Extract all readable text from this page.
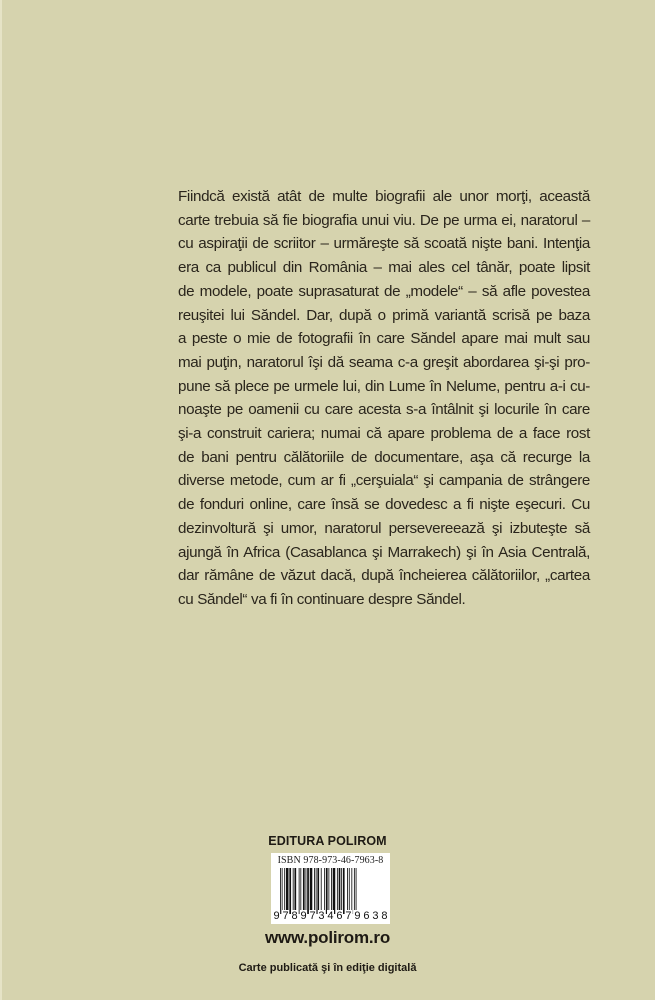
Fiindcă există atât de multe biografii ale unor morţi, această
carte trebuia să fie biografia unui viu. De pe urma ei, naratorul –
cu aspiraţii de scriitor – urmăreşte să scoată nişte bani. Intenţia
era ca publicul din România – mai ales cel tânăr, poate lipsit
de modele, poate suprasaturat de „modele“ – să afle povestea
reuşitei lui Săndel. Dar, după o primă variantă scrisă pe baza
a peste o mie de fotografii în care Săndel apare mai mult sau
mai puţin, naratorul îşi dă seama c-a greşit abordarea şi-şi pro-
pune să plece pe urmele lui, din Lume în Nelume, pentru a-i cu-
noaşte pe oamenii cu care acesta s-a întâlnit şi locurile în care
şi-a construit cariera; numai că apare problema de a face rost
de bani pentru călătoriile de documentare, aşa că recurge la
diverse metode, cum ar fi „cerşuiala“ şi campania de strângere
de fonduri online, care însă se dovedesc a fi nişte eşecuri. Cu
dezinvoltură şi umor, naratorul persevereează şi izbuteşte să
ajungă în Africa (Casablanca şi Marrakech) şi în Asia Centrală,
dar rămâne de văzut dacă, după încheierea călătoriilor, „cartea
cu Săndel“ va fi în continuare despre Săndel.
EDITURA POLIROM
ISBN 978-973-46-7963-8
9 7 8 9 7 3 4 6 7 9 6 3 8
www.polirom.ro
Carte publicată şi în ediţie digitală
